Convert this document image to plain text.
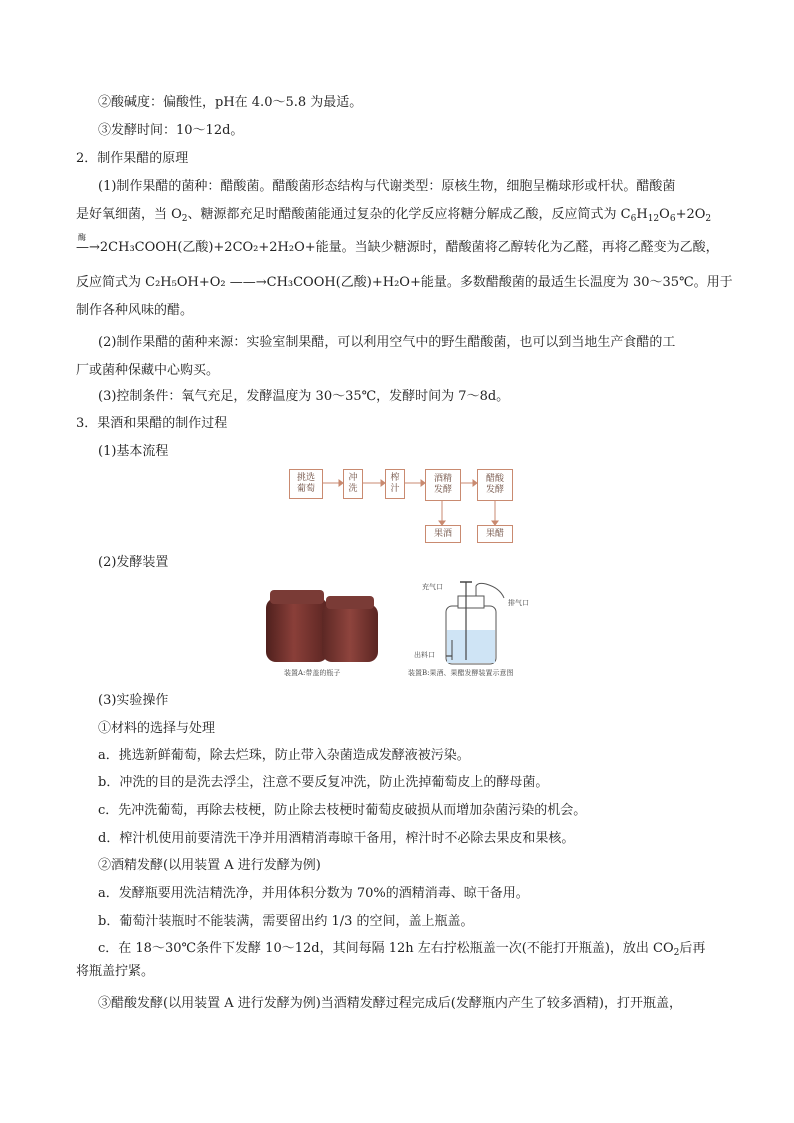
②酸碱度：偏酸性，pH在 4.0～5.8 为最适。
③发酵时间：10～12d。
2．制作果醋的原理
(1)制作果醋的菌种：醋酸菌。醋酸菌形态结构与代谢类型：原核生物，细胞呈椭球形或杆状。醋酸菌
是好氧细菌，当 $O_2$、糖源都充足时醋酸菌能通过复杂的化学反应将糖分解成乙酸，反应简式为 $C_6H_{12}O_6+2O_2$
酶
—→2CH₃COOH(乙酸)+2CO₂+2H₂O+能量。当缺少糖源时，醋酸菌将乙醇转化为乙醛，再将乙醛变为乙酸，
反应简式为 C₂H₅OH+O₂ ——→CH₃COOH(乙酸)+H₂O+能量。多数醋酸菌的最适生长温度为 30～35℃。用于
制作各种风味的醋。
(2)制作果醋的菌种来源：实验室制果醋，可以利用空气中的野生醋酸菌，也可以到当地生产食醋的工
厂或菌种保藏中心购买。
(3)控制条件：氧气充足，发酵温度为 30～35℃，发酵时间为 7～8d。
3．果酒和果醋的制作过程
(1)基本流程
挑选
葡萄
冲
洗
榨
汁
酒精
发酵
醋酸
发酵
果酒	果醋
(2)发酵装置
装置A:带盖的瓶子
充气口
排气口
出料口
装置B:果酒、果醋发酵装置示意图
(3)实验操作
①材料的选择与处理
a．挑选新鲜葡萄，除去烂珠，防止带入杂菌造成发酵液被污染。
b．冲洗的目的是洗去浮尘，注意不要反复冲洗，防止洗掉葡萄皮上的酵母菌。
c．先冲洗葡萄，再除去枝梗，防止除去枝梗时葡萄皮破损从而增加杂菌污染的机会。
d．榨汁机使用前要清洗干净并用酒精消毒晾干备用，榨汁时不必除去果皮和果核。
②酒精发酵(以用装置 A 进行发酵为例)
a．发酵瓶要用洗洁精洗净，并用体积分数为 70%的酒精消毒、晾干备用。
b．葡萄汁装瓶时不能装满，需要留出约 1/3 的空间，盖上瓶盖。
c．在 18～30℃条件下发酵 10～12d，其间每隔 12h 左右拧松瓶盖一次(不能打开瓶盖)，放出 $CO_2$后再
将瓶盖拧紧。
③醋酸发酵(以用装置 A 进行发酵为例)当酒精发酵过程完成后(发酵瓶内产生了较多酒精)，打开瓶盖，
